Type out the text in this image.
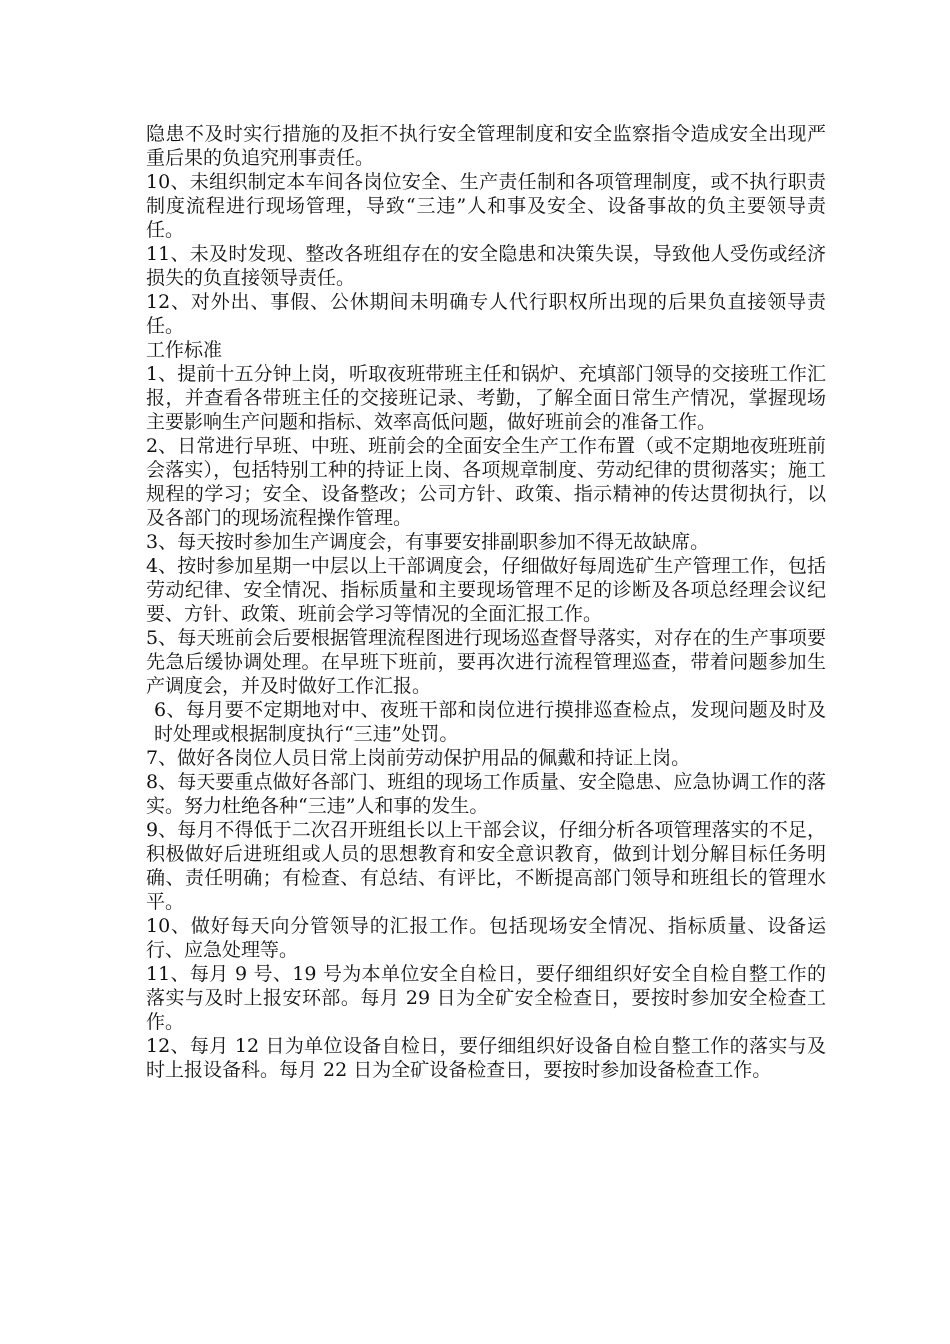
隐患不及时实行措施的及拒不执行安全管理制度和安全监察指令造成安全出现严重后果的负追究刑事责任。

10、未组织制定本车间各岗位安全、生产责任制和各项管理制度，或不执行职责制度流程进行现场管理，导致“三违”人和事及安全、设备事故的负主要领导责任。

11、未及时发现、整改各班组存在的安全隐患和决策失误，导致他人受伤或经济损失的负直接领导责任。

12、对外出、事假、公休期间未明确专人代行职权所出现的后果负直接领导责任。

工作标准

1、提前十五分钟上岗，听取夜班带班主任和锅炉、充填部门领导的交接班工作汇报，并查看各带班主任的交接班记录、考勤，了解全面日常生产情况，掌握现场主要影响生产问题和指标、效率高低问题，做好班前会的准备工作。

2、日常进行早班、中班、班前会的全面安全生产工作布置（或不定期地夜班班前会落实），包括特别工种的持证上岗、各项规章制度、劳动纪律的贯彻落实；施工规程的学习；安全、设备整改；公司方针、政策、指示精神的传达贯彻执行，以及各部门的现场流程操作管理。

3、每天按时参加生产调度会，有事要安排副职参加不得无故缺席。

4、按时参加星期一中层以上干部调度会，仔细做好每周选矿生产管理工作，包括劳动纪律、安全情况、指标质量和主要现场管理不足的诊断及各项总经理会议纪要、方针、政策、班前会学习等情况的全面汇报工作。

5、每天班前会后要根据管理流程图进行现场巡查督导落实，对存在的生产事项要先急后缓协调处理。在早班下班前，要再次进行流程管理巡查，带着问题参加生产调度会，并及时做好工作汇报。

6、每月要不定期地对中、夜班干部和岗位进行摸排巡查检点，发现问题及时及时处理或根据制度执行“三违”处罚。

7、做好各岗位人员日常上岗前劳动保护用品的佩戴和持证上岗。

8、每天要重点做好各部门、班组的现场工作质量、安全隐患、应急协调工作的落实。努力杜绝各种“三违”人和事的发生。

9、每月不得低于二次召开班组长以上干部会议，仔细分析各项管理落实的不足，积极做好后进班组或人员的思想教育和安全意识教育，做到计划分解目标任务明确、责任明确；有检查、有总结、有评比，不断提高部门领导和班组长的管理水平。

10、做好每天向分管领导的汇报工作。包括现场安全情况、指标质量、设备运行、应急处理等。

11、每月 9 号、19 号为本单位安全自检日，要仔细组织好安全自检自整工作的落实与及时上报安环部。每月 29 日为全矿安全检查日，要按时参加安全检查工作。

12、每月 12 日为单位设备自检日，要仔细组织好设备自检自整工作的落实与及时上报设备科。每月 22 日为全矿设备检查日，要按时参加设备检查工作。
